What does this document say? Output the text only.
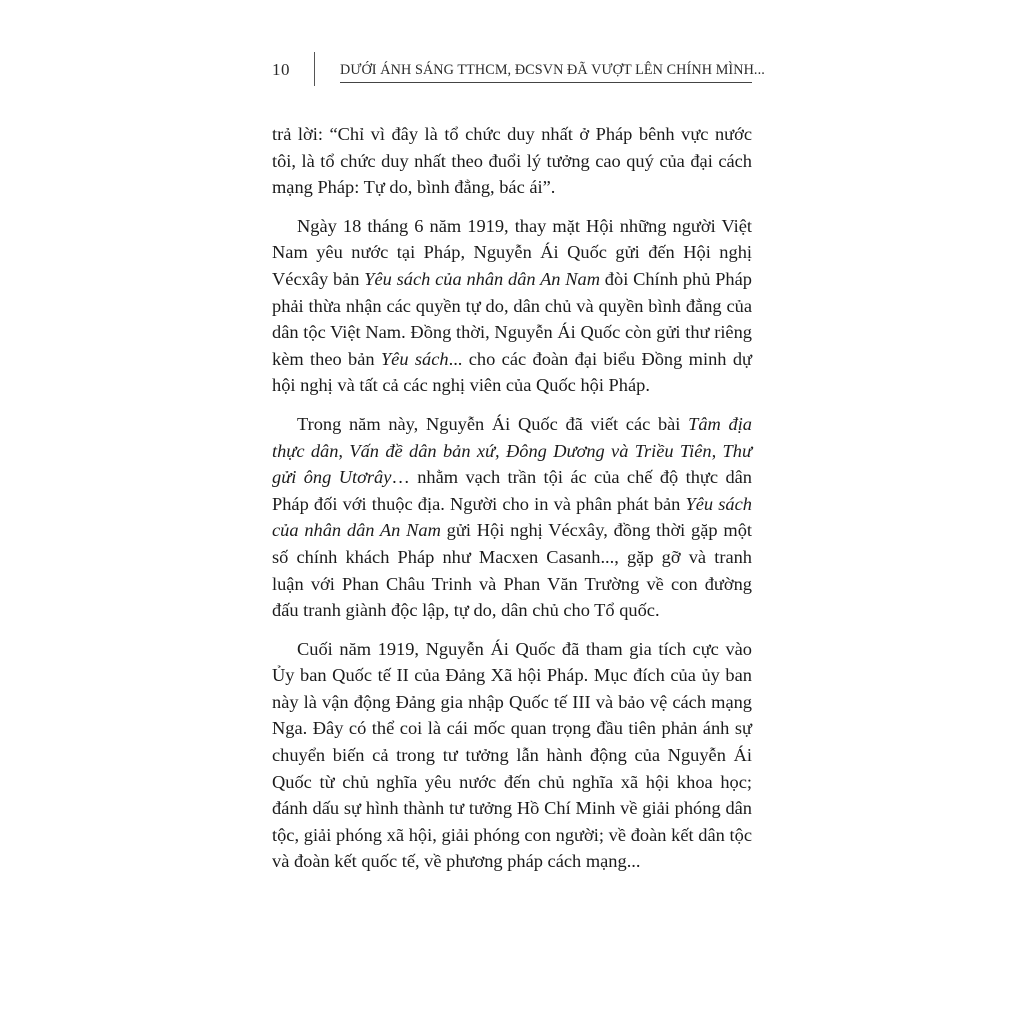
10	DƯỚI ÁNH SÁNG TTHCM, ĐCSVN ĐÃ VƯỢT LÊN CHÍNH MÌNH...

trả lời: “Chỉ vì đây là tổ chức duy nhất ở Pháp bênh vực nước tôi, là tổ chức duy nhất theo đuổi lý tưởng cao quý của đại cách mạng Pháp: Tự do, bình đẳng, bác ái”.

Ngày 18 tháng 6 năm 1919, thay mặt Hội những người Việt Nam yêu nước tại Pháp, Nguyễn Ái Quốc gửi đến Hội nghị Vécxây bản Yêu sách của nhân dân An Nam đòi Chính phủ Pháp phải thừa nhận các quyền tự do, dân chủ và quyền bình đẳng của dân tộc Việt Nam. Đồng thời, Nguyễn Ái Quốc còn gửi thư riêng kèm theo bản Yêu sách... cho các đoàn đại biểu Đồng minh dự hội nghị và tất cả các nghị viên của Quốc hội Pháp.

Trong năm này, Nguyễn Ái Quốc đã viết các bài Tâm địa thực dân, Vấn đề dân bản xứ, Đông Dương và Triều Tiên, Thư gửi ông Utơrây… nhằm vạch trần tội ác của chế độ thực dân Pháp đối với thuộc địa. Người cho in và phân phát bản Yêu sách của nhân dân An Nam gửi Hội nghị Vécxây, đồng thời gặp một số chính khách Pháp như Macxen Casanh..., gặp gỡ và tranh luận với Phan Châu Trinh và Phan Văn Trường về con đường đấu tranh giành độc lập, tự do, dân chủ cho Tổ quốc.

Cuối năm 1919, Nguyễn Ái Quốc đã tham gia tích cực vào Ủy ban Quốc tế II của Đảng Xã hội Pháp. Mục đích của ủy ban này là vận động Đảng gia nhập Quốc tế III và bảo vệ cách mạng Nga. Đây có thể coi là cái mốc quan trọng đầu tiên phản ánh sự chuyển biến cả trong tư tưởng lẫn hành động của Nguyễn Ái Quốc từ chủ nghĩa yêu nước đến chủ nghĩa xã hội khoa học; đánh dấu sự hình thành tư tưởng Hồ Chí Minh về giải phóng dân tộc, giải phóng xã hội, giải phóng con người; về đoàn kết dân tộc và đoàn kết quốc tế, về phương pháp cách mạng...
